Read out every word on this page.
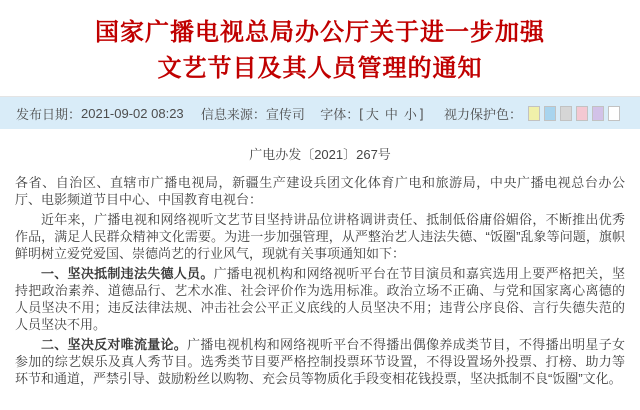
国家广播电视总局办公厅关于进一步加强
文艺节目及其人员管理的通知
发布日期： 2021-09-02 08:23 信息来源： 宣传司 字体： [ 大 中 小 ] 视力保护色：
广电办发〔2021〕267号

各省、自治区、直辖市广播电视局，新疆生产建设兵团文化体育广电和旅游局，中央广播电视总台办公厅、电影频道节目中心、中国教育电视台：

近年来，广播电视和网络视听文艺节目坚持讲品位讲格调讲责任、抵制低俗庸俗媚俗，不断推出优秀作品，满足人民群众精神文化需要。为进一步加强管理，从严整治艺人违法失德、“饭圈”乱象等问题，旗帜鲜明树立爱党爱国、崇德尚艺的行业风气，现就有关事项通知如下：

一、坚决抵制违法失德人员。广播电视机构和网络视听平台在节目演员和嘉宾选用上要严格把关，坚持把政治素养、道德品行、艺术水准、社会评价作为选用标准。政治立场不正确、与党和国家离心离德的人员坚决不用；违反法律法规、冲击社会公平正义底线的人员坚决不用；违背公序良俗、言行失德失范的人员坚决不用。

二、坚决反对唯流量论。广播电视机构和网络视听平台不得播出偶像养成类节目，不得播出明星子女参加的综艺娱乐及真人秀节目。选秀类节目要严格控制投票环节设置，不得设置场外投票、打榜、助力等环节和通道，严禁引导、鼓励粉丝以购物、充会员等物质化手段变相花钱投票，坚决抵制不良“饭圈”文化。
